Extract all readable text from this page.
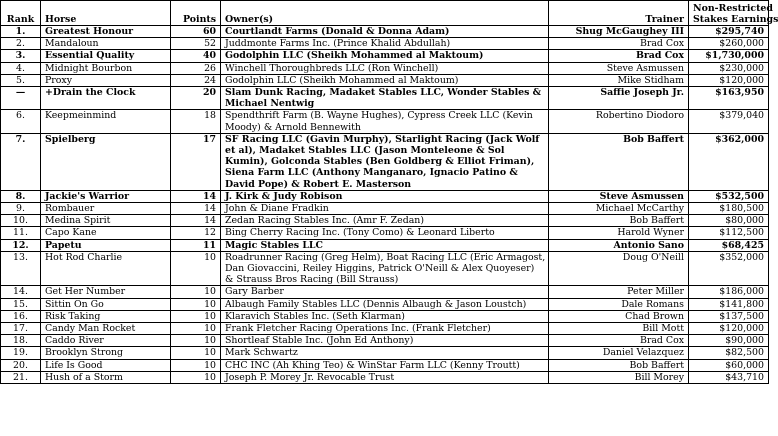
Rank	Horse	Points	Owner(s)	Trainer	Non-Restricted
Stakes Earnings
1.	Greatest Honour	60	Courtlandt Farms (Donald & Donna Adam)	Shug McGaughey III	$295,740
2.	Mandaloun	52	Juddmonte Farms Inc. (Prince Khalid Abdullah)	Brad Cox	$260,000
3.	Essential Quality	40	Godolphin LLC (Sheikh Mohammed al Maktoum)	Brad Cox	$1,730,000
4.	Midnight Bourbon	26	Winchell Thoroughbreds LLC (Ron Winchell)	Steve Asmussen	$230,000
5.	Proxy	24	Godolphin LLC (Sheikh Mohammed al Maktoum)	Mike Stidham	$120,000
—	+Drain the Clock	20	Slam Dunk Racing, Madaket Stables LLC, Wonder Stables &
Michael Nentwig	Saffie Joseph Jr.	$163,950
6.	Keepmeinmind	18	Spendthrift Farm (B. Wayne Hughes), Cypress Creek LLC (Kevin
Moody) & Arnold Bennewith	Robertino Diodoro	$379,040
7.	Spielberg	17	SF Racing LLC (Gavin Murphy), Starlight Racing (Jack Wolf
et al), Madaket Stables LLC (Jason Monteleone & Sol
Kumin), Golconda Stables (Ben Goldberg & Elliot Friman),
Siena Farm LLC (Anthony Manganaro, Ignacio Patino &
David Pope) & Robert E. Masterson	Bob Baffert	$362,000
8.	Jackie's Warrior	14	J. Kirk & Judy Robison	Steve Asmussen	$532,500
9.	Rombauer	14	John & Diane Fradkin	Michael McCarthy	$180,500
10.	Medina Spirit	14	Zedan Racing Stables Inc. (Amr F. Zedan)	Bob Baffert	$80,000
11.	Capo Kane	12	Bing Cherry Racing Inc. (Tony Como) & Leonard Liberto	Harold Wyner	$112,500
12.	Papetu	11	Magic Stables LLC	Antonio Sano	$68,425
13.	Hot Rod Charlie	10	Roadrunner Racing (Greg Helm), Boat Racing LLC (Eric Armagost,
Dan Giovaccini, Reiley Higgins, Patrick O'Neill & Alex Quoyeser)
& Strauss Bros Racing (Bill Strauss)	Doug O'Neill	$352,000
14.	Get Her Number	10	Gary Barber	Peter Miller	$186,000
15.	Sittin On Go	10	Albaugh Family Stables LLC (Dennis Albaugh & Jason Loustch)	Dale Romans	$141,800
16.	Risk Taking	10	Klaravich Stables Inc. (Seth Klarman)	Chad Brown	$137,500
17.	Candy Man Rocket	10	Frank Fletcher Racing Operations Inc. (Frank Fletcher)	Bill Mott	$120,000
18.	Caddo River	10	Shortleaf Stable Inc. (John Ed Anthony)	Brad Cox	$90,000
19.	Brooklyn Strong	10	Mark Schwartz	Daniel Velazquez	$82,500
20.	Life Is Good	10	CHC INC (Ah Khing Teo) & WinStar Farm LLC (Kenny Troutt)	Bob Baffert	$60,000
21.	Hush of a Storm	10	Joseph P. Morey Jr. Revocable Trust	Bill Morey	$43,710
